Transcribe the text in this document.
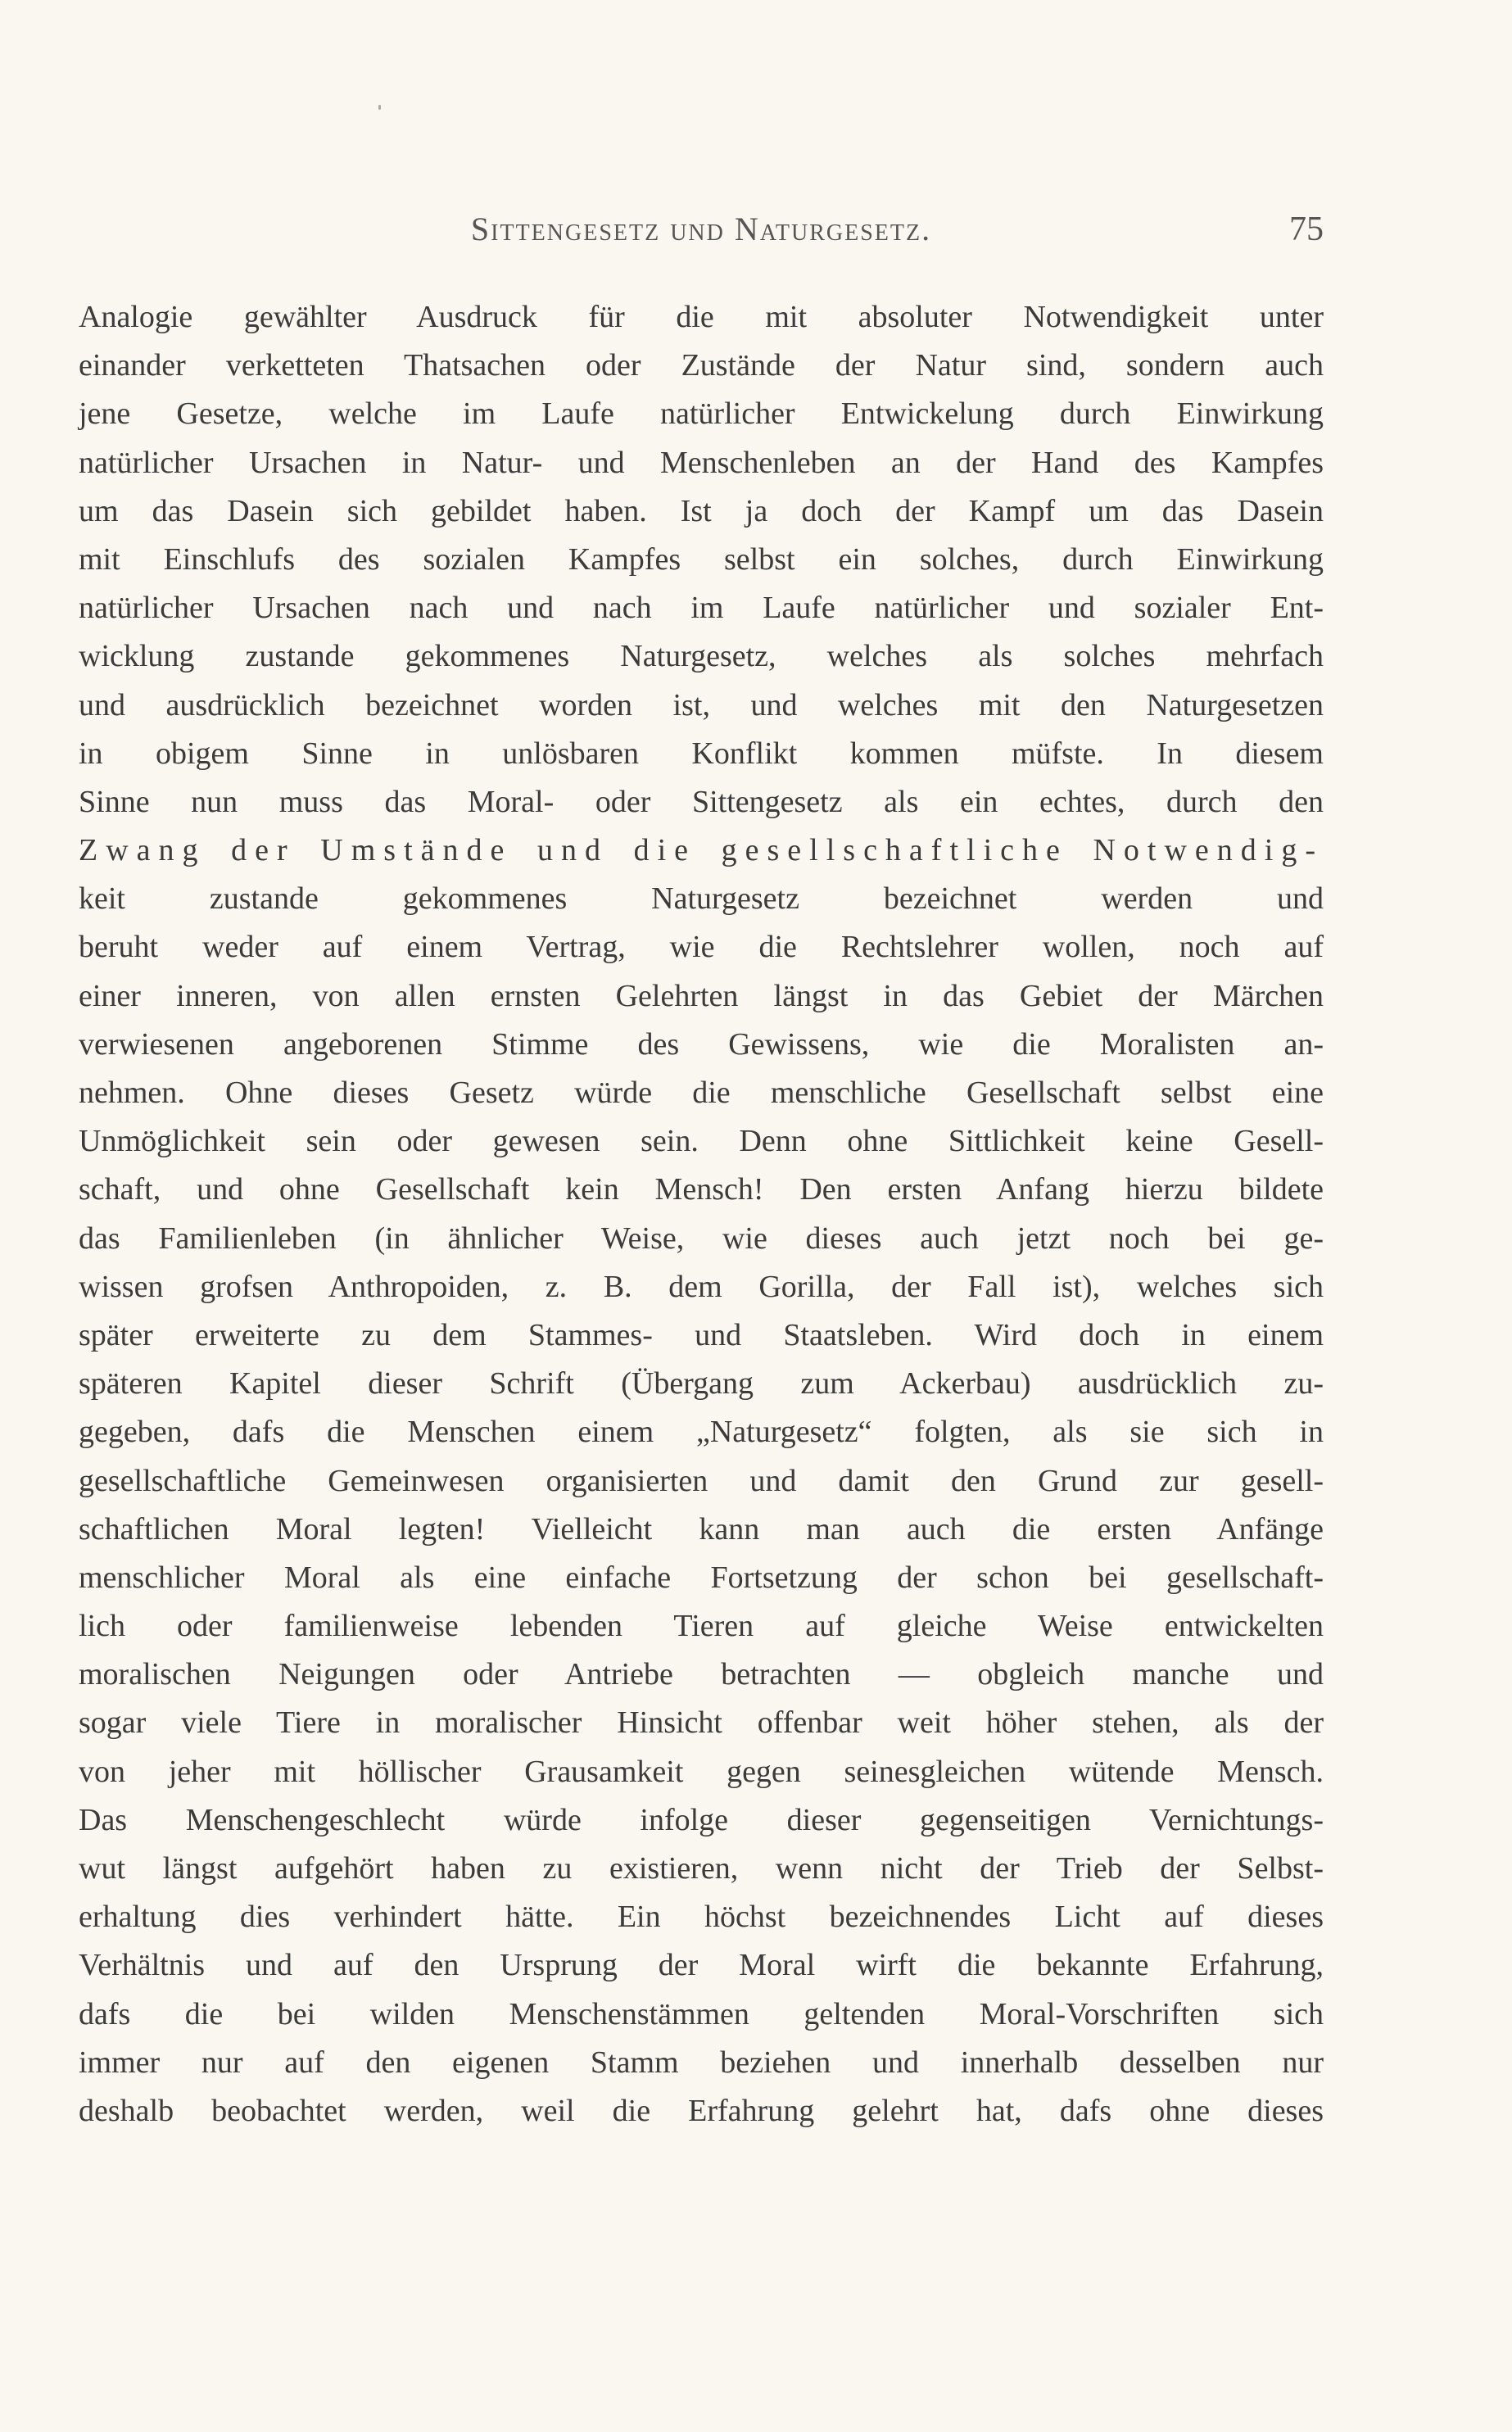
Sittengesetz und Naturgesetz.	75
Analogie gewählter Ausdruck für die mit absoluter Notwendigkeit unter
einander verketteten Thatsachen oder Zustände der Natur sind, sondern auch
jene Gesetze, welche im Laufe natürlicher Entwickelung durch Einwirkung
natürlicher Ursachen in Natur- und Menschenleben an der Hand des Kampfes
um das Dasein sich gebildet haben. Ist ja doch der Kampf um das Dasein
mit Einschlufs des sozialen Kampfes selbst ein solches, durch Einwirkung
natürlicher Ursachen nach und nach im Laufe natürlicher und sozialer Ent-
wicklung zustande gekommenes Naturgesetz, welches als solches mehrfach
und ausdrücklich bezeichnet worden ist, und welches mit den Naturgesetzen
in obigem Sinne in unlösbaren Konflikt kommen müfste. In diesem
Sinne nun muss das Moral- oder Sittengesetz als ein echtes, durch den
Zwang der Umstände und die gesellschaftliche Notwendig-
keit zustande gekommenes Naturgesetz bezeichnet werden und
beruht weder auf einem Vertrag, wie die Rechtslehrer wollen, noch auf
einer inneren, von allen ernsten Gelehrten längst in das Gebiet der Märchen
verwiesenen angeborenen Stimme des Gewissens, wie die Moralisten an-
nehmen. Ohne dieses Gesetz würde die menschliche Gesellschaft selbst eine
Unmöglichkeit sein oder gewesen sein. Denn ohne Sittlichkeit keine Gesell-
schaft, und ohne Gesellschaft kein Mensch! Den ersten Anfang hierzu bildete
das Familienleben (in ähnlicher Weise, wie dieses auch jetzt noch bei ge-
wissen grofsen Anthropoiden, z. B. dem Gorilla, der Fall ist), welches sich
später erweiterte zu dem Stammes- und Staatsleben. Wird doch in einem
späteren Kapitel dieser Schrift (Übergang zum Ackerbau) ausdrücklich zu-
gegeben, dafs die Menschen einem „Naturgesetz“ folgten, als sie sich in
gesellschaftliche Gemeinwesen organisierten und damit den Grund zur gesell-
schaftlichen Moral legten! Vielleicht kann man auch die ersten Anfänge
menschlicher Moral als eine einfache Fortsetzung der schon bei gesellschaft-
lich oder familienweise lebenden Tieren auf gleiche Weise entwickelten
moralischen Neigungen oder Antriebe betrachten — obgleich manche und
sogar viele Tiere in moralischer Hinsicht offenbar weit höher stehen, als der
von jeher mit höllischer Grausamkeit gegen seinesgleichen wütende Mensch.
Das Menschengeschlecht würde infolge dieser gegenseitigen Vernichtungs-
wut längst aufgehört haben zu existieren, wenn nicht der Trieb der Selbst-
erhaltung dies verhindert hätte. Ein höchst bezeichnendes Licht auf dieses
Verhältnis und auf den Ursprung der Moral wirft die bekannte Erfahrung,
dafs die bei wilden Menschenstämmen geltenden Moral-Vorschriften sich
immer nur auf den eigenen Stamm beziehen und innerhalb desselben nur
deshalb beobachtet werden, weil die Erfahrung gelehrt hat, dafs ohne dieses
